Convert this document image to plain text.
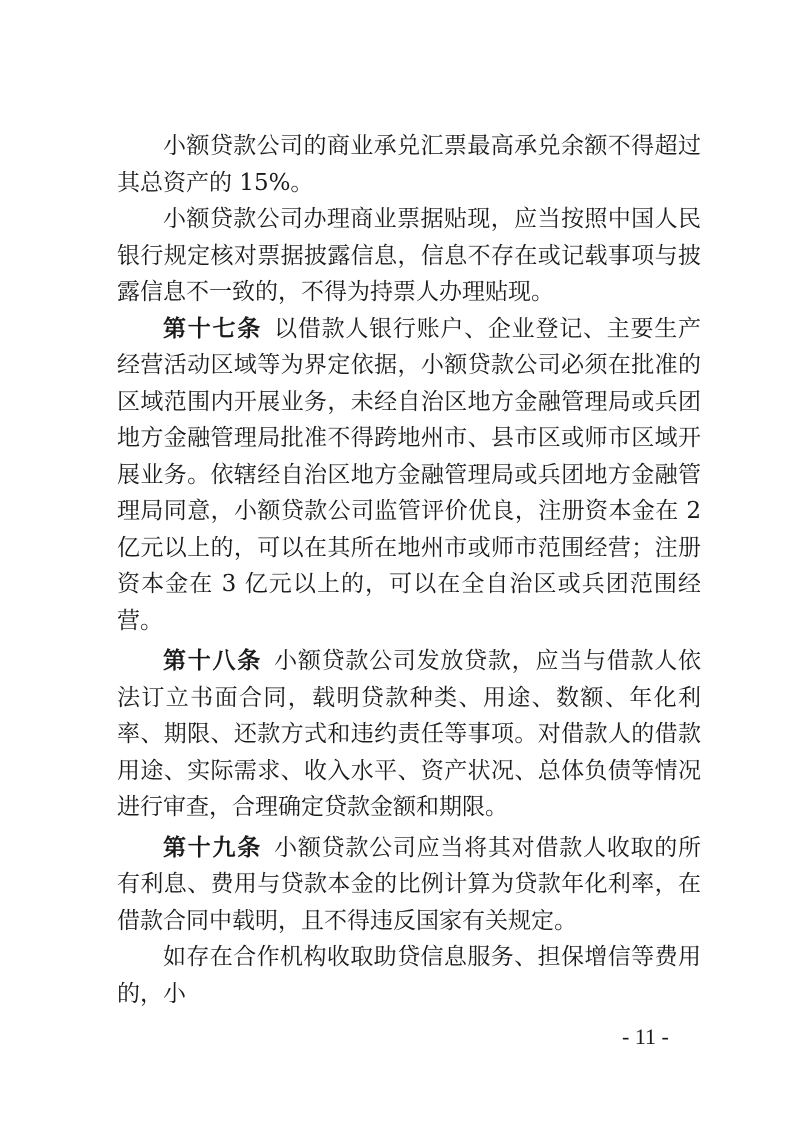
小额贷款公司的商业承兑汇票最高承兑余额不得超过其总资产的 15%。

小额贷款公司办理商业票据贴现，应当按照中国人民银行规定核对票据披露信息，信息不存在或记载事项与披露信息不一致的，不得为持票人办理贴现。

第十七条 以借款人银行账户、企业登记、主要生产经营活动区域等为界定依据，小额贷款公司必须在批准的区域范围内开展业务，未经自治区地方金融管理局或兵团地方金融管理局批准不得跨地州市、县市区或师市区域开展业务。依辖经自治区地方金融管理局或兵团地方金融管理局同意，小额贷款公司监管评价优良，注册资本金在 2 亿元以上的，可以在其所在地州市或师市范围经营；注册资本金在 3 亿元以上的，可以在全自治区或兵团范围经营。

第十八条 小额贷款公司发放贷款，应当与借款人依法订立书面合同，载明贷款种类、用途、数额、年化利率、期限、还款方式和违约责任等事项。对借款人的借款用途、实际需求、收入水平、资产状况、总体负债等情况进行审查，合理确定贷款金额和期限。

第十九条 小额贷款公司应当将其对借款人收取的所有利息、费用与贷款本金的比例计算为贷款年化利率，在借款合同中载明，且不得违反国家有关规定。

如存在合作机构收取助贷信息服务、担保增信等费用的，小

- 11 -
